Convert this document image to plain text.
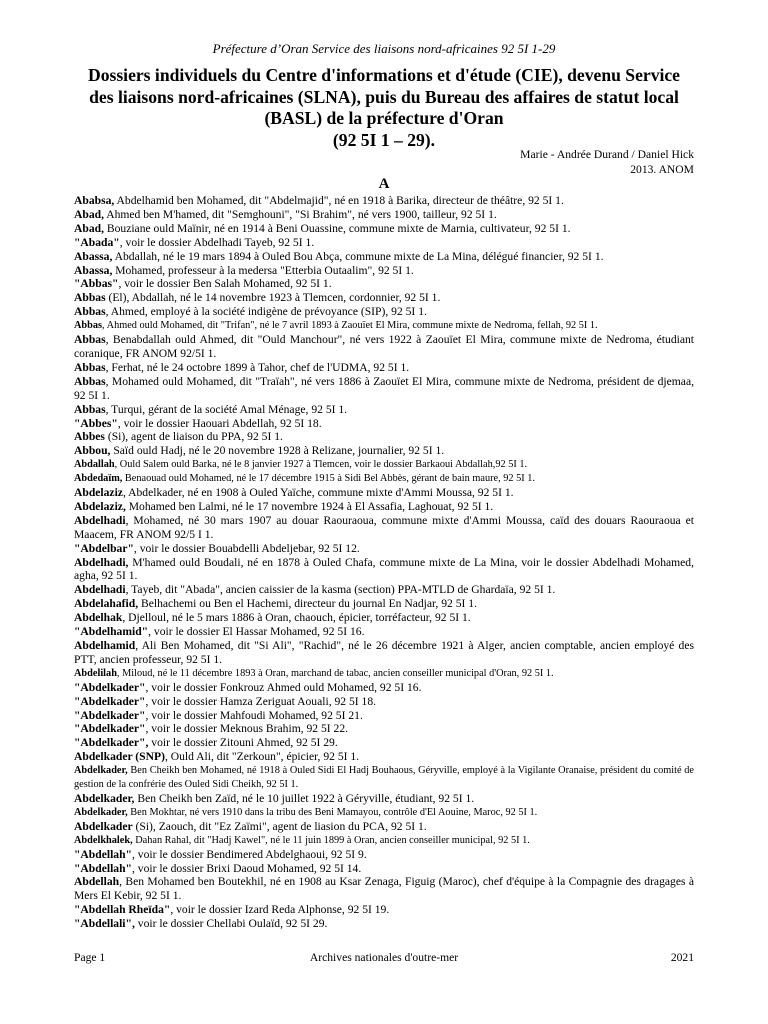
Préfecture d’Oran Service des liaisons nord-africaines 92 5I 1-29
Dossiers individuels du Centre d'informations et d'étude (CIE), devenu Service des liaisons nord-africaines (SLNA), puis du Bureau des affaires de statut local (BASL) de la préfecture d'Oran
(92 5I 1 – 29).
Marie - Andrée Durand / Daniel Hick
2013. ANOM
A

Ababsa, Abdelhamid ben Mohamed, dit "Abdelmajid", né en 1918 à Barika, directeur de théâtre, 92 5I 1.

Abad, Ahmed ben M'hamed, dit "Semghouni", "Si Brahim", né vers 1900, tailleur, 92 5I 1.

Abad, Bouziane ould Maïnir, né en 1914 à Beni Ouassine, commune mixte de Marnia, cultivateur, 92 5I 1.

"Abada", voir le dossier Abdelhadi Tayeb, 92 5I 1.

Abassa, Abdallah, né le 19 mars 1894 à Ouled Bou Abça, commune mixte de La Mina, délégué financier, 92 5I 1.

Abassa, Mohamed, professeur à la medersa "Etterbia Outaalim", 92 5I 1.

"Abbas", voir le dossier Ben Salah Mohamed, 92 5I 1.

Abbas (El), Abdallah, né le 14 novembre 1923 à Tlemcen, cordonnier, 92 5I 1.

Abbas, Ahmed, employé à la société indigène de prévoyance (SIP), 92 5I 1.

Abbas, Ahmed ould Mohamed, dit "Trifan", né le 7 avril 1893 à Zaouïet El Mira, commune mixte de Nedroma, fellah, 92 5I 1.

Abbas, Benabdallah ould Ahmed, dit "Ould Manchour", né vers 1922 à Zaouïet El Mira, commune mixte de Nedroma, étudiant coranique, FR ANOM 92/5I 1.

Abbas, Ferhat, né le 24 octobre 1899 à Tahor, chef de l'UDMA, 92 5I 1.

Abbas, Mohamed ould Mohamed, dit "Traïah", né vers 1886 à Zaouïet El Mira, commune mixte de Nedroma, président de djemaa, 92 5I 1.

Abbas, Turqui, gérant de la société Amal Ménage, 92 5I 1.

"Abbes", voir le dossier Haouari Abdellah, 92 5I 18.

Abbes (Si), agent de liaison du PPA, 92 5I 1.

Abbou, Saïd ould Hadj, né le 20 novembre 1928 à Relizane, journalier, 92 5I 1.

Abdallah, Ould Salem ould Barka, né le 8 janvier 1927 à Tlemcen, voir le dossier Barkaoui Abdallah,92 5I 1.

Abdedaïm, Benaouad ould Mohamed, né le 17 décembre 1915 à Sidi Bel Abbès, gérant de bain maure, 92 5I 1.

Abdelaziz, Abdelkader, né en 1908 à Ouled Yaïche, commune mixte d'Ammi Moussa, 92 5I 1.

Abdelaziz, Mohamed ben Lalmi, né le 17 novembre 1924 à El Assafia, Laghouat, 92 5I 1.

Abdelhadi, Mohamed, né 30 mars 1907 au douar Raouraoua, commune mixte d'Ammi Moussa, caïd des douars Raouraoua et Maacem, FR ANOM 92/5 I 1.

"Abdelbar", voir le dossier Bouabdelli Abdeljebar, 92 5I 12.

Abdelhadi, M'hamed ould Boudali, né en 1878 à Ouled Chafa, commune mixte de La Mina, voir le dossier Abdelhadi Mohamed, agha, 92 5I 1.

Abdelhadi, Tayeb, dit "Abada", ancien caissier de la kasma (section) PPA-MTLD de Ghardaïa, 92 5I 1.

Abdelahafid, Belhachemi ou Ben el Hachemi, directeur du journal En Nadjar, 92 5I 1.

Abdelhak, Djelloul, né le 5 mars 1886 à Oran, chaouch, épicier, torréfacteur, 92 5I 1.

"Abdelhamid", voir le dossier El Hassar Mohamed, 92 5I 16.

Abdelhamid, Ali Ben Mohamed, dit "Si Ali", "Rachid", né le 26 décembre 1921 à Alger, ancien comptable, ancien employé des PTT, ancien professeur, 92 5I 1.

Abdelilah, Miloud, né le 11 décembre 1893 à Oran, marchand de tabac, ancien conseiller municipal d'Oran, 92 5I 1.

"Abdelkader", voir le dossier Fonkrouz Ahmed ould Mohamed, 92 5I 16.

"Abdelkader", voir le dossier Hamza Zeriguat Aouali, 92 5I 18.

"Abdelkader", voir le dossier Mahfoudi Mohamed, 92 5I 21.

"Abdelkader", voir le dossier Meknous Brahim, 92 5I 22.

"Abdelkader", voir le dossier Zitouni Ahmed, 92 5I 29.

Abdelkader (SNP), Ould Ali, dit "Zerkoun", épicier, 92 5I 1.

Abdelkader, Ben Cheikh ben Mohamed, né 1918 à Ouled Sidi El Hadj Bouhaous, Géryville, employé à la Vigilante Oranaise, président du comité de gestion de la confrérie des Ouled Sidi Cheikh, 92 5I 1.

Abdelkader, Ben Cheikh ben Zaïd, né le 10 juillet 1922 à Géryville, étudiant, 92 5I 1.

Abdelkader, Ben Mokhtar, né vers 1910 dans la tribu des Beni Mamayou, contrôle d'El Aouine, Maroc, 92 5I 1.

Abdelkader (Si), Zaouch, dit "Ez Zaïmi", agent de liasion du PCA, 92 5I 1.

Abdelkhalek, Dahan Rahal, dit "Hadj Kawel", né le 11 juin 1899 à Oran, ancien conseiller municipal, 92 5I 1.

"Abdellah", voir le dossier Bendimered Abdelghaoui, 92 5I 9.

"Abdellah", voir le dossier Brixi Daoud Mohamed, 92 5I 14.

Abdellah, Ben Mohamed ben Boutekhil, né en 1908 au Ksar Zenaga, Figuig (Maroc), chef d'équipe à la Compagnie des dragages à Mers El Kebir, 92 5I 1.

"Abdellah Rheïda", voir le dossier Izard Reda Alphonse, 92 5I 19.

"Abdellali", voir le dossier Chellabi Oulaïd, 92 5I 29.

Page 1	Archives nationales d'outre-mer	2021
